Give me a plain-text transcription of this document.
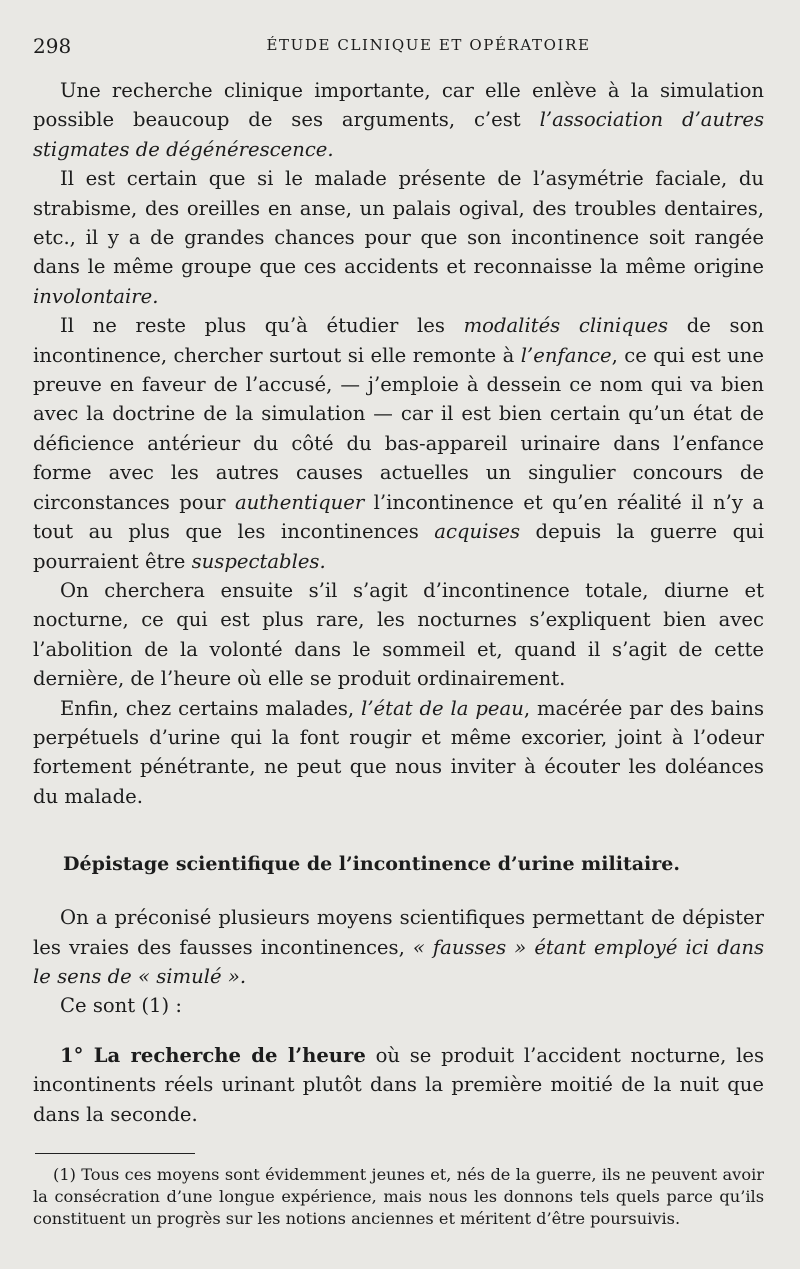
298	ÉTUDE CLINIQUE ET OPÉRATOIRE

Une recherche clinique importante, car elle enlève à la simulation possible beaucoup de ses arguments, c’est l’association d’autres stigmates de dégénérescence.

Il est certain que si le malade présente de l’asymétrie faciale, du strabisme, des oreilles en anse, un palais ogival, des troubles dentaires, etc., il y a de grandes chances pour que son incontinence soit rangée dans le même groupe que ces accidents et reconnaisse la même origine involontaire.

Il ne reste plus qu’à étudier les modalités cliniques de son incontinence, chercher surtout si elle remonte à l’enfance, ce qui est une preuve en faveur de l’accusé, — j’emploie à dessein ce nom qui va bien avec la doctrine de la simulation — car il est bien certain qu’un état de déficience antérieur du côté du bas-appareil urinaire dans l’enfance forme avec les autres causes actuelles un singulier concours de circonstances pour authentiquer l’incontinence et qu’en réalité il n’y a tout au plus que les incontinences acquises depuis la guerre qui pourraient être suspectables.

On cherchera ensuite s’il s’agit d’incontinence totale, diurne et nocturne, ce qui est plus rare, les nocturnes s’expliquent bien avec l’abolition de la volonté dans le sommeil et, quand il s’agit de cette dernière, de l’heure où elle se produit ordinairement.

Enfin, chez certains malades, l’état de la peau, macérée par des bains perpétuels d’urine qui la font rougir et même excorier, joint à l’odeur fortement pénétrante, ne peut que nous inviter à écouter les doléances du malade.

Dépistage scientifique de l’incontinence d’urine militaire.

On a préconisé plusieurs moyens scientifiques permettant de dépister les vraies des fausses incontinences, « fausses » étant employé ici dans le sens de « simulé ».

Ce sont (1) :

1° La recherche de l’heure où se produit l’accident nocturne, les incontinents réels urinant plutôt dans la première moitié de la nuit que dans la seconde.

(1) Tous ces moyens sont évidemment jeunes et, nés de la guerre, ils ne peuvent avoir la consécration d’une longue expérience, mais nous les donnons tels quels parce qu’ils constituent un progrès sur les notions anciennes et méritent d’être poursuivis.
